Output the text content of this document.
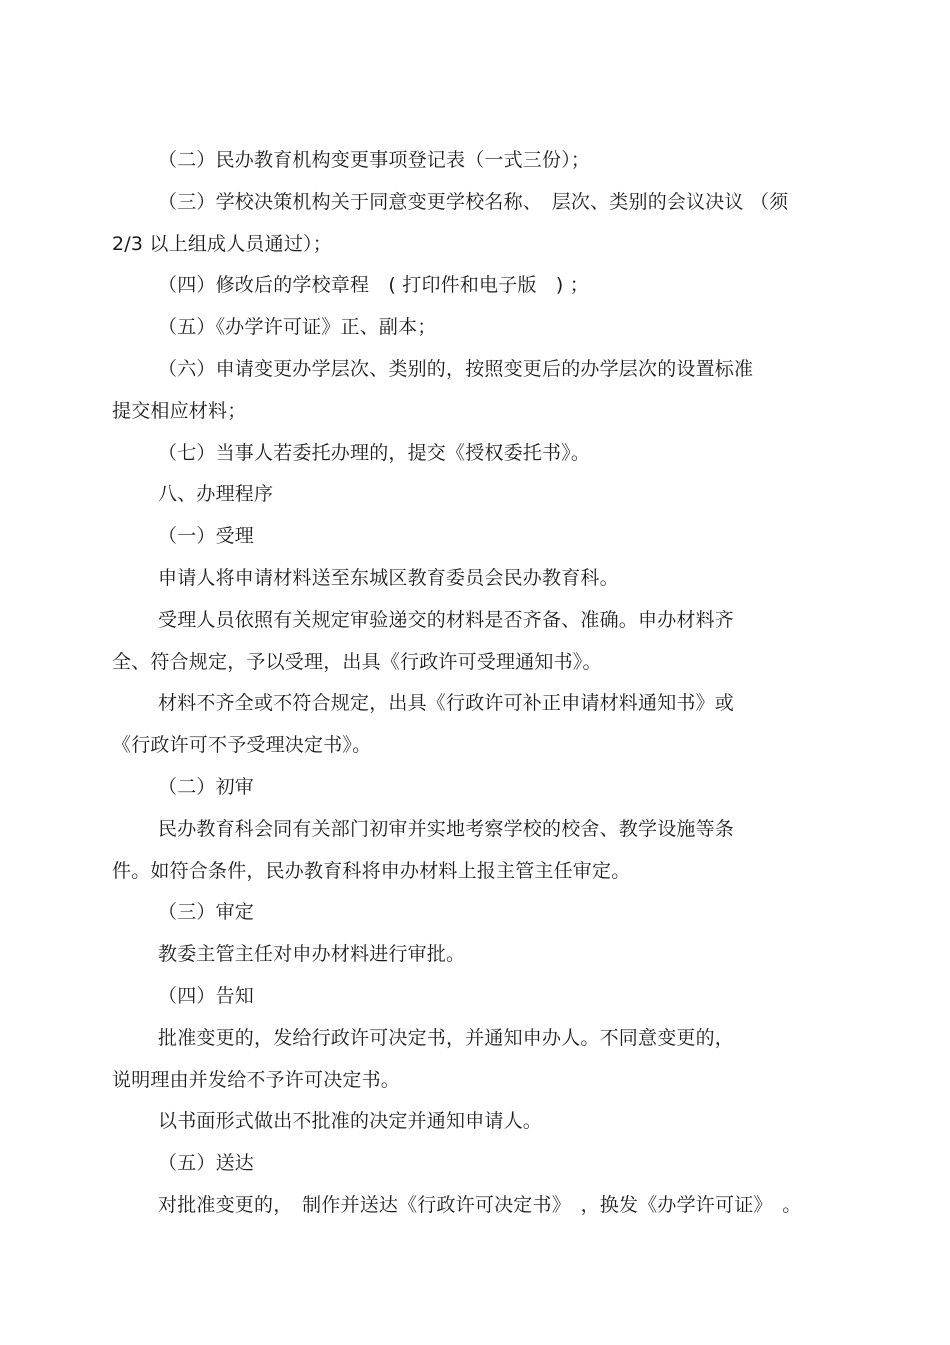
（二）民办教育机构变更事项登记表（一式三份）；
（三）学校决策机构关于同意变更学校名称、　层次、类别的会议决议 （须
2/3 以上组成人员通过）；
（四）修改后的学校章程　( 打印件和电子版　) ；
（五）《办学许可证》正、副本；
（六）申请变更办学层次、类别的，按照变更后的办学层次的设置标准
提交相应材料；
（七）当事人若委托办理的，提交《授权委托书》。
八、办理程序
（一）受理
申请人将申请材料送至东城区教育委员会民办教育科。
受理人员依照有关规定审验递交的材料是否齐备、准确。申办材料齐
全、符合规定，予以受理，出具《行政许可受理通知书》。
材料不齐全或不符合规定，出具《行政许可补正申请材料通知书》或
《行政许可不予受理决定书》。
（二）初审
民办教育科会同有关部门初审并实地考察学校的校舍、教学设施等条
件。如符合条件，民办教育科将申办材料上报主管主任审定。
（三）审定
教委主管主任对申办材料进行审批。
（四）告知
批准变更的，发给行政许可决定书，并通知申办人。不同意变更的，
说明理由并发给不予许可决定书。
以书面形式做出不批准的决定并通知申请人。
（五）送达
对批准变更的，　制作并送达《行政许可决定书》　，换发《办学许可证》　。
